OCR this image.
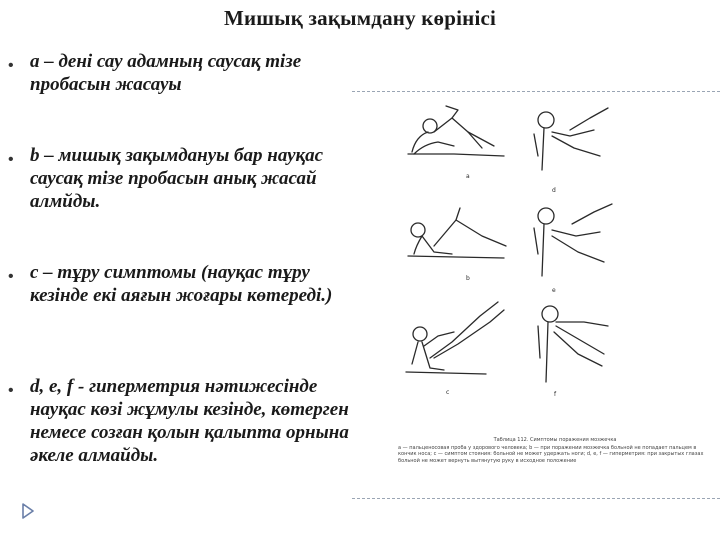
Мишық зақымдану көрінісі
• а – дені сау адамның саусақ тізе пробасын жасауы
• b – мишық зақымдануы бар науқас саусақ тізе пробасын анық жасай алмйды.
• c – тұру симптомы (науқас тұру кезінде екі аяғын жоғары көтереді.)
• d, e, f - гиперметрия нәтижесінде науқас көзі жұмулы кезінде, көтерген немесе созған қолын қалыпта орнына әкеле алмайды.
a
d
b
e
c	f
Таблица 112. Симптомы поражения мозжечка
а — пальценосовая проба у здорового человека; b — при поражении мозжечка больной не попадает пальцем в кончик носа; c — симптом стояния: больной не может удержать ноги; d, e, f — гиперметрия: при закрытых глазах больной не может вернуть вытянутую руку в исходное положение
